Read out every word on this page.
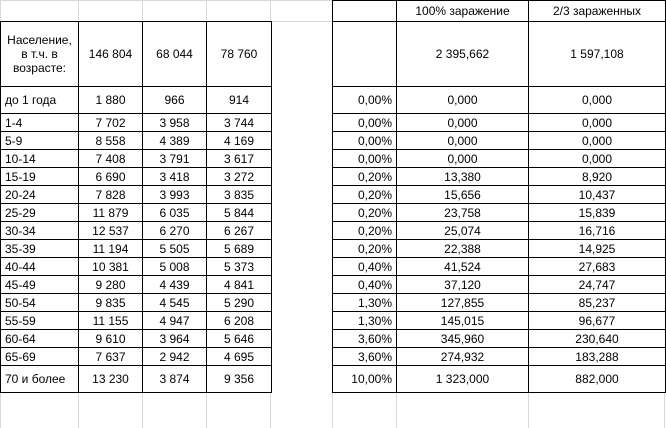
Население, в т.ч. в возрасте:	146 804	68 044	78 760
до 1 года	1 880	966	914
1-4	7 702	3 958	3 744
5-9	8 558	4 389	4 169
10-14	7 408	3 791	3 617
15-19	6 690	3 418	3 272
20-24	7 828	3 993	3 835
25-29	11 879	6 035	5 844
30-34	12 537	6 270	6 267
35-39	11 194	5 505	5 689
40-44	10 381	5 008	5 373
45-49	9 280	4 439	4 841
50-54	9 835	4 545	5 290
55-59	11 155	4 947	6 208
60-64	9 610	3 964	5 646
65-69	7 637	2 942	4 695
70 и более	13 230	3 874	9 356
	100% заражение	2/3 зараженных
	2 395,662	1 597,108
0,00%	0,000	0,000
0,00%	0,000	0,000
0,00%	0,000	0,000
0,00%	0,000	0,000
0,20%	13,380	8,920
0,20%	15,656	10,437
0,20%	23,758	15,839
0,20%	25,074	16,716
0,20%	22,388	14,925
0,40%	41,524	27,683
0,40%	37,120	24,747
1,30%	127,855	85,237
1,30%	145,015	96,677
3,60%	345,960	230,640
3,60%	274,932	183,288
10,00%	1 323,000	882,000
